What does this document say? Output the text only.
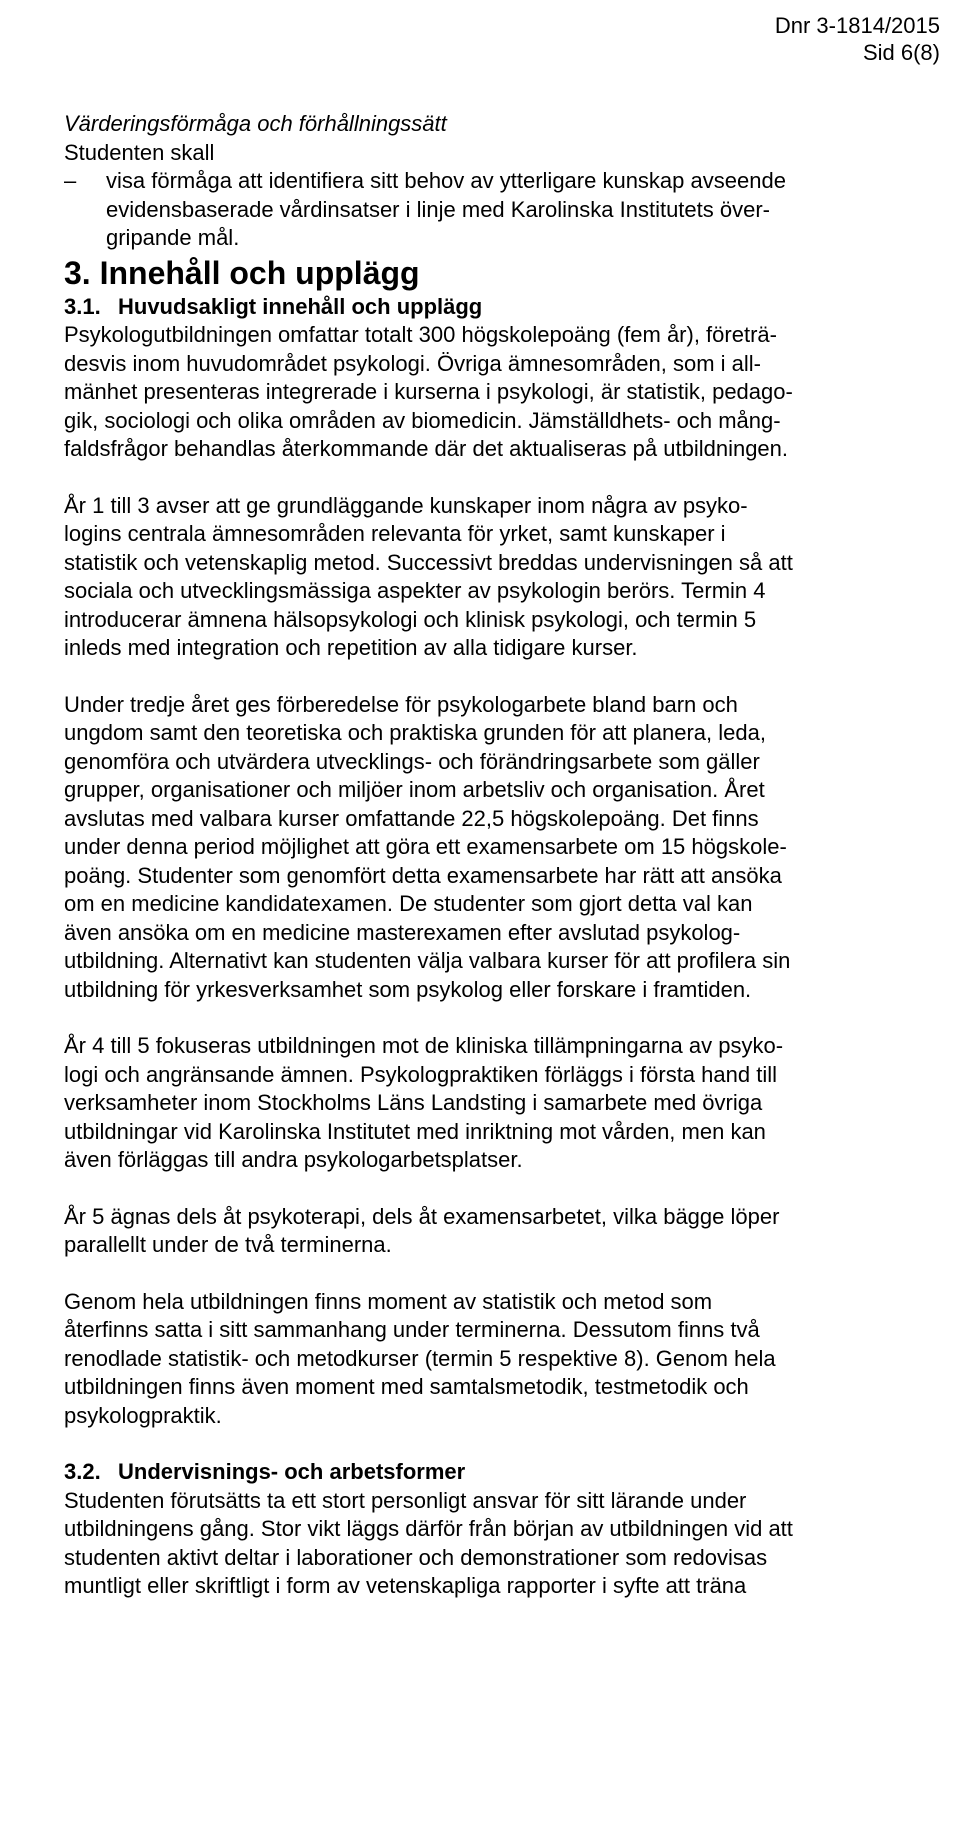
Dnr 3-1814/2015
Sid 6(8)

Värderingsförmåga och förhållningssätt

Studenten skall

–	visa förmåga att identifiera sitt behov av ytterligare kunskap avseende

evidensbaserade vårdinsatser i linje med Karolinska Institutets över-

gripande mål.

3. Innehåll och upplägg

3.1. Huvudsakligt innehåll och upplägg

Psykologutbildningen omfattar totalt 300 högskolepoäng (fem år), företrä-

desvis inom huvudområdet psykologi. Övriga ämnesområden, som i all-

mänhet presenteras integrerade i kurserna i psykologi, är statistik, pedago-

gik, sociologi och olika områden av biomedicin. Jämställdhets- och mång-

faldsfrågor behandlas återkommande där det aktualiseras på utbildningen.

År 1 till 3 avser att ge grundläggande kunskaper inom några av psyko-

logins centrala ämnesområden relevanta för yrket, samt kunskaper i

statistik och vetenskaplig metod. Successivt breddas undervisningen så att

sociala och utvecklingsmässiga aspekter av psykologin berörs. Termin 4

introducerar ämnena hälsopsykologi och klinisk psykologi, och termin 5

inleds med integration och repetition av alla tidigare kurser.

Under tredje året ges förberedelse för psykologarbete bland barn och

ungdom samt den teoretiska och praktiska grunden för att planera, leda,

genomföra och utvärdera utvecklings- och förändringsarbete som gäller

grupper, organisationer och miljöer inom arbetsliv och organisation. Året

avslutas med valbara kurser omfattande 22,5 högskolepoäng. Det finns

under denna period möjlighet att göra ett examensarbete om 15 högskole-

poäng. Studenter som genomfört detta examensarbete har rätt att ansöka

om en medicine kandidatexamen. De studenter som gjort detta val kan

även ansöka om en medicine masterexamen efter avslutad psykolog-

utbildning. Alternativt kan studenten välja valbara kurser för att profilera sin

utbildning för yrkesverksamhet som psykolog eller forskare i framtiden.

År 4 till 5 fokuseras utbildningen mot de kliniska tillämpningarna av psyko-

logi och angränsande ämnen. Psykologpraktiken förläggs i första hand till

verksamheter inom Stockholms Läns Landsting i samarbete med övriga

utbildningar vid Karolinska Institutet med inriktning mot vården, men kan

även förläggas till andra psykologarbetsplatser.

År 5 ägnas dels åt psykoterapi, dels åt examensarbetet, vilka bägge löper

parallellt under de två terminerna.

Genom hela utbildningen finns moment av statistik och metod som

återfinns satta i sitt sammanhang under terminerna. Dessutom finns två

renodlade statistik- och metodkurser (termin 5 respektive 8). Genom hela

utbildningen finns även moment med samtalsmetodik, testmetodik och

psykologpraktik.

3.2. Undervisnings- och arbetsformer

Studenten förutsätts ta ett stort personligt ansvar för sitt lärande under

utbildningens gång. Stor vikt läggs därför från början av utbildningen vid att

studenten aktivt deltar i laborationer och demonstrationer som redovisas

muntligt eller skriftligt i form av vetenskapliga rapporter i syfte att träna
